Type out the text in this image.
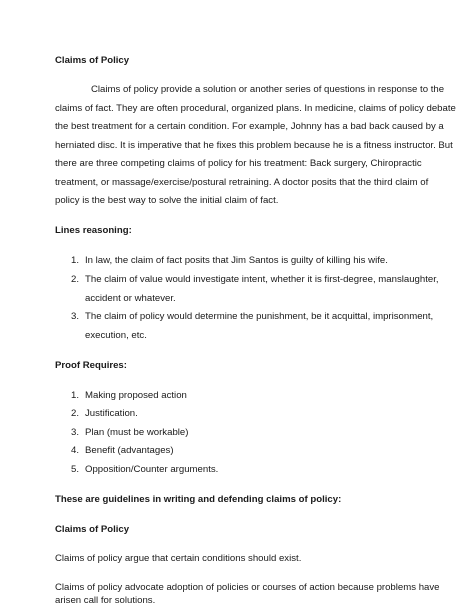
Claims of Policy
Claims of policy provide a solution or another series of questions in response to the
claims of fact. They are often procedural, organized plans. In medicine, claims of policy debate
the best treatment for a certain condition. For example, Johnny has a bad back caused by a
herniated disc. It is imperative that he fixes this problem because he is a fitness instructor. But
there are three competing claims of policy for his treatment: Back surgery, Chiropractic
treatment, or massage/exercise/postural retraining. A doctor posits that the third claim of
policy is the best way to solve the initial claim of fact.
Lines reasoning:
1. In law, the claim of fact posits that Jim Santos is guilty of killing his wife.
2. The claim of value would investigate intent, whether it is first-degree, manslaughter,
accident or whatever.
3. The claim of policy would determine the punishment, be it acquittal, imprisonment,
execution, etc.
Proof Requires:
1. Making proposed action
2. Justification.
3. Plan (must be workable)
4. Benefit (advantages)
5. Opposition/Counter arguments.
These are guidelines in writing and defending claims of policy:
Claims of Policy
Claims of policy argue that certain conditions should exist.
Claims of policy advocate adoption of policies or courses of action because problems have
arisen call for solutions.
